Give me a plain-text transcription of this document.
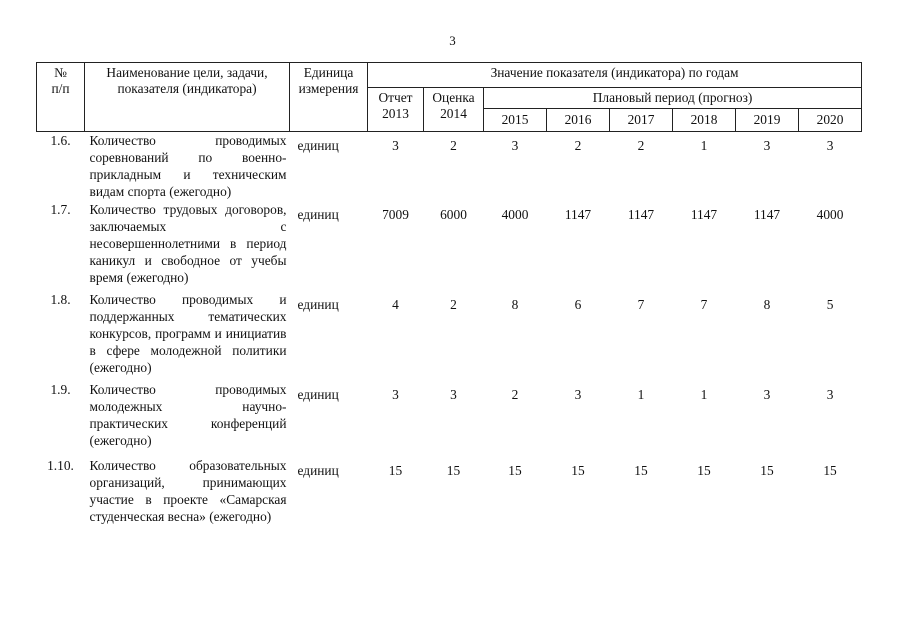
3
№
п/п	Наименование цели, задачи, показателя (индикатора)	Единица измерения	Значение показателя (индикатора) по годам							
			Отчет 2013	Оценка 2014	Плановый период (прогноз)					
					2015	2016	2017	2018	2019	2020
1.6.	Количество проводимых соревнований по военно-прикладным и техническим видам спорта (ежегодно)	единиц	3	2	3	2	2	1	3	3
1.7.	Количество трудовых договоров, заключаемых с несовершеннолетними в период каникул и свободное от учебы время (ежегодно)	единиц	7009	6000	4000	1147	1147	1147	1147	4000
1.8.	Количество проводимых и поддержанных тематических конкурсов, программ и инициатив в сфере молодежной политики (ежегодно)	единиц	4	2	8	6	7	7	8	5
1.9.	Количество проводимых молодежных научно-практических конференций (ежегодно)	единиц	3	3	2	3	1	1	3	3
1.10.	Количество образовательных организаций, принимающих участие в проекте «Самарская студенческая весна» (ежегодно)	единиц	15	15	15	15	15	15	15	15
